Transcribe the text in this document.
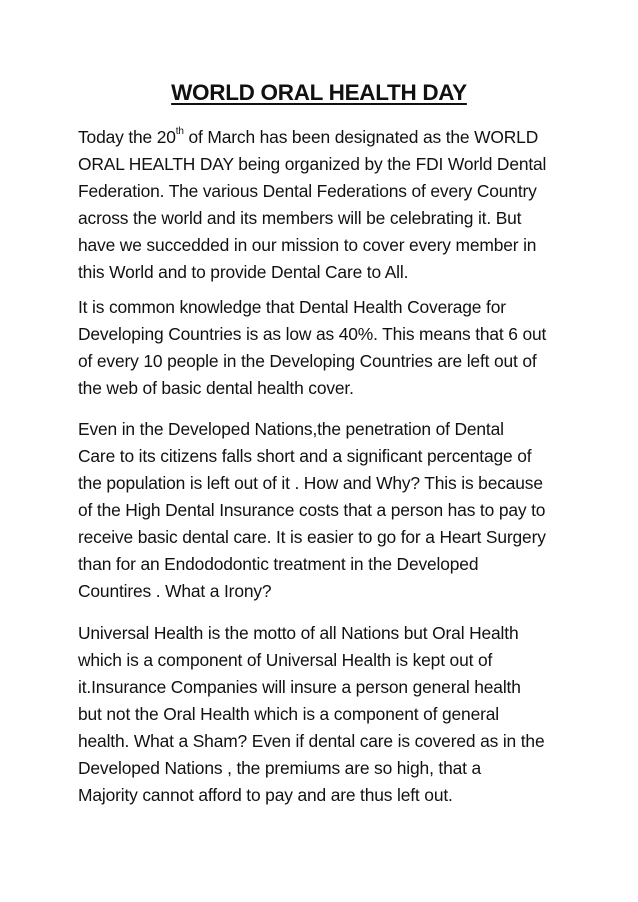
WORLD ORAL HEALTH DAY
Today the 20th of March has been designated as the WORLD
ORAL HEALTH DAY being organized by the FDI World Dental
Federation. The various Dental Federations of every Country
across the world and its members will be celebrating it. But
have we succedded in our mission to cover every member in
this World and to provide Dental Care to All.
It is common knowledge that Dental Health Coverage for
Developing Countries is as low as 40%. This means that 6 out
of every 10 people in the Developing Countries are left out of
the web of basic dental health cover.
Even in the Developed Nations,the penetration of Dental
Care to its citizens falls short and a significant percentage of
the population is left out of it . How and Why? This is because
of the High Dental Insurance costs that a person has to pay to
receive basic dental care. It is easier to go for a Heart Surgery
than for an Endododontic treatment in the Developed
Countires . What a Irony?
Universal Health is the motto of all Nations but Oral Health
which is a component of Universal Health is kept out of
it.Insurance Companies will insure a person general health
but not the Oral Health which is a component of general
health. What a Sham? Even if dental care is covered as in the
Developed Nations , the premiums are so high, that a
Majority cannot afford to pay and are thus left out.
